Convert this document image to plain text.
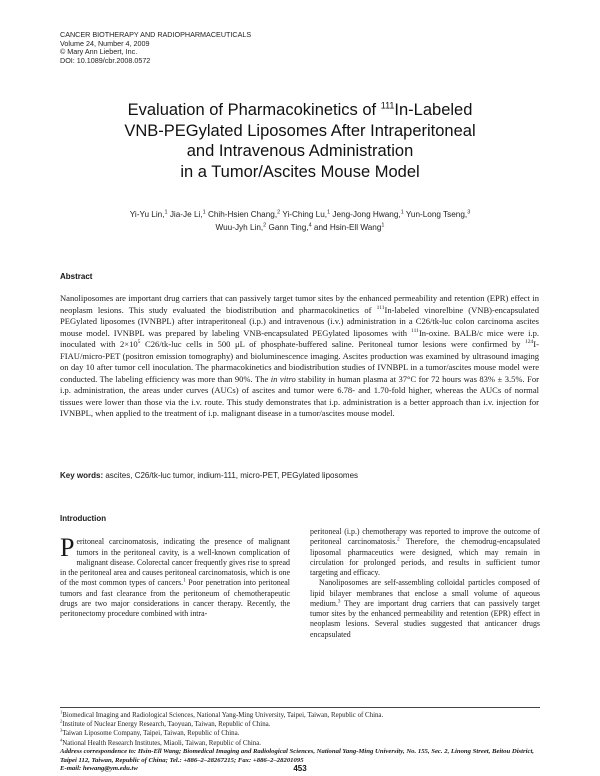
CANCER BIOTHERAPY AND RADIOPHARMACEUTICALS
Volume 24, Number 4, 2009
© Mary Ann Liebert, Inc.
DOI: 10.1089/cbr.2008.0572
Evaluation of Pharmacokinetics of $^{111}$In-Labeled
VNB-PEGylated Liposomes After Intraperitoneal
and Intravenous Administration
in a Tumor/Ascites Mouse Model
Yi-Yu Lin,$^1$ Jia-Je Li,$^1$ Chih-Hsien Chang,$^2$ Yi-Ching Lu,$^1$ Jeng-Jong Hwang,$^1$ Yun-Long Tseng,$^3$
Wuu-Jyh Lin,$^2$ Gann Ting,$^4$ and Hsin-Ell Wang$^1$
Abstract

Nanoliposomes are important drug carriers that can passively target tumor sites by the enhanced permeability and retention (EPR) effect in neoplasm lesions. This study evaluated the biodistribution and pharmacokinetics of $^{111}$In-labeled vinorelbine (VNB)-encapsulated PEGylated liposomes (IVNBPL) after intraperitoneal (i.p.) and intravenous (i.v.) administration in a C26/tk-luc colon carcinoma ascites mouse model. IVNBPL was prepared by labeling VNB-encapsulated PEGylated liposomes with $^{111}$In-oxine. BALB/c mice were i.p. inoculated with $2\times 10^5$ C26/tk-luc cells in 500 μL of phosphate-buffered saline. Peritoneal tumor lesions were confirmed by $^{124}$I-FIAU/micro-PET (positron emission tomography) and bioluminescence imaging. Ascites production was examined by ultrasound imaging on day 10 after tumor cell inoculation. The pharmacokinetics and biodistribution studies of IVNBPL in a tumor/ascites mouse model were conducted. The labeling efficiency was more than 90%. The in vitro stability in human plasma at 37°C for 72 hours was 83% ± 3.5%. For i.p. administration, the areas under curves (AUCs) of ascites and tumor were 6.78- and 1.70-fold higher, whereas the AUCs of normal tissues were lower than those via the i.v. route. This study demonstrates that i.p. administration is a better approach than i.v. injection for IVNBPL, when applied to the treatment of i.p. malignant disease in a tumor/ascites mouse model.

Key words: ascites, C26/tk-luc tumor, indium-111, micro-PET, PEGylated liposomes
Introduction

Peritoneal carcinomatosis, indicating the presence of malignant tumors in the peritoneal cavity, is a well-known complication of malignant disease. Colorectal cancer frequently gives rise to spread in the peritoneal area and causes peritoneal carcinomatosis, which is one of the most common types of cancers.$^1$ Poor penetration into peritoneal tumors and fast clearance from the peritoneum of chemotherapeutic drugs are two major considerations in cancer therapy. Recently, the peritonectomy procedure combined with intra-

peritoneal (i.p.) chemotherapy was reported to improve the outcome of peritoneal carcinomatosis.$^2$ Therefore, the chemodrug-encapsulated liposomal pharmaceutics were designed, which may remain in circulation for prolonged periods, and results in sufficient tumor targeting and efficacy.

Nanoliposomes are self-assembling colloidal particles composed of lipid bilayer membranes that enclose a small volume of aqueous medium.$^3$ They are important drug carriers that can passively target tumor sites by the enhanced permeability and retention (EPR) effect in neoplasm lesions. Several studies suggested that anticancer drugs encapsulated

$^1$Biomedical Imaging and Radiological Sciences, National Yang-Ming University, Taipei, Taiwan, Republic of China.
$^2$Institute of Nuclear Energy Research, Taoyuan, Taiwan, Republic of China.
$^3$Taiwan Liposome Company, Taipei, Taiwan, Republic of China.
$^4$National Health Research Institutes, Miaoli, Taiwan, Republic of China.
Address correspondence to: Hsin-Ell Wang; Biomedical Imaging and Radiological Sciences, National Yang-Ming University, No. 155, Sec. 2, Linong Street, Beitou District, Taipei 112, Taiwan, Republic of China; Tel.: +886–2–28267215; Fax: +886–2–28201095
E-mail: hewang@ym.edu.tw	453
